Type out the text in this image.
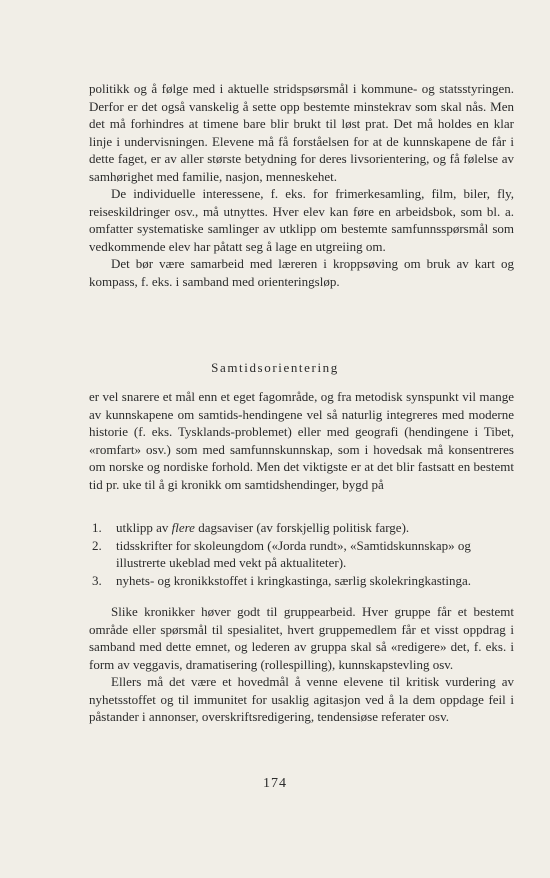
politikk og å følge med i aktuelle stridspsørsmål i kommune- og statsstyringen. Derfor er det også vanskelig å sette opp bestemte minstekrav som skal nås. Men det må forhindres at timene bare blir brukt til løst prat. Det må holdes en klar linje i undervisningen. Elevene må få forståelsen for at de kunnskapene de får i dette faget, er av aller største betydning for deres livsorientering, og få følelse av samhørighet med familie, nasjon, menneskehet.

De individuelle interessene, f. eks. for frimerkesamling, film, biler, fly, reiseskildringer osv., må utnyttes. Hver elev kan føre en arbeidsbok, som bl. a. omfatter systematiske samlinger av utklipp om bestemte samfunnsspørsmål som vedkommende elev har påtatt seg å lage en utgreiing om.

Det bør være samarbeid med læreren i kroppsøving om bruk av kart og kompass, f. eks. i samband med orienteringsløp.

Samtidsorientering

er vel snarere et mål enn et eget fagområde, og fra metodisk synspunkt vil mange av kunnskapene om samtids-hendingene vel så naturlig integreres med moderne historie (f. eks. Tysklands-problemet) eller med geografi (hendingene i Tibet, «romfart» osv.) som med samfunnskunnskap, som i hovedsak må konsentreres om norske og nordiske forhold. Men det viktigste er at det blir fastsatt en bestemt tid pr. uke til å gi kronikk om samtidshendinger, bygd på

1.	utklipp av flere dagsaviser (av forskjellig politisk farge).
2.	tidsskrifter for skoleungdom («Jorda rundt», «Samtidskunnskap» og illustrerte ukeblad med vekt på aktualiteter).
3.	nyhets- og kronikkstoffet i kringkastinga, særlig skolekringkastinga.

Slike kronikker høver godt til gruppearbeid. Hver gruppe får et bestemt område eller spørsmål til spesialitet, hvert gruppemedlem får et visst oppdrag i samband med dette emnet, og lederen av gruppa skal så «redigere» det, f. eks. i form av veggavis, dramatisering (rollespilling), kunnskapstevling osv.

Ellers må det være et hovedmål å venne elevene til kritisk vurdering av nyhetsstoffet og til immunitet for usaklig agitasjon ved å la dem oppdage feil i påstander i annonser, overskriftsredigering, tendensiøse referater osv.

174
